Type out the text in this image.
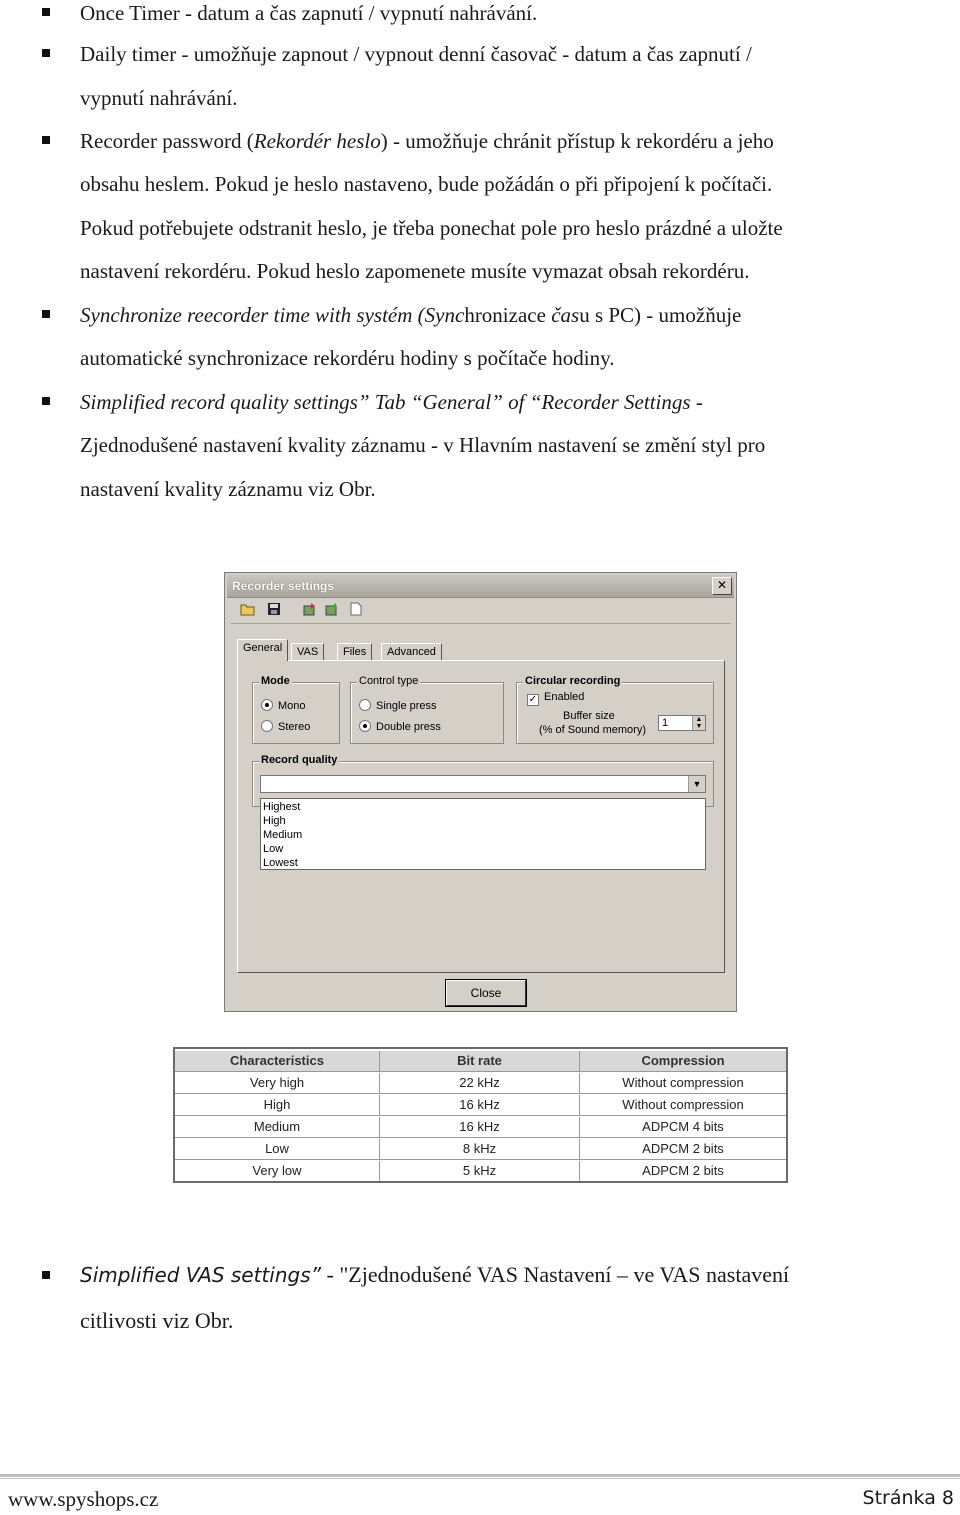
Once Timer - datum a čas zapnutí / vypnutí nahrávání.
Daily timer - umožňuje zapnout / vypnout denní časovač - datum a čas zapnutí /
vypnutí nahrávání.
Recorder password (Rekordér heslo) - umožňuje chránit přístup k rekordéru a jeho
obsahu heslem. Pokud je heslo nastaveno, bude požádán o při připojení k počítači.
Pokud potřebujete odstranit heslo, je třeba ponechat pole pro heslo prázdné a uložte
nastavení rekordéru. Pokud heslo zapomenete musíte vymazat obsah rekordéru.
Synchronize reecorder time with systém (Synchronizace času s PC) - umožňuje
automatické synchronizace rekordéru hodiny s počítače hodiny.
Simplified record quality settings” Tab “General” of “Recorder Settings -
Zjednodušené nastavení kvality záznamu - v Hlavním nastavení se změní styl pro
nastavení kvality záznamu viz Obr.
Recorder settings	✕
General	VAS	Files	Advanced
Mode
Mono
Stereo
Control type
Single press
Double press
Circular recording
✓ Enabled
Buffer size
(% of Sound memory)
1	▲
▼
Record quality
▼
Highest
High
Medium
Low
Lowest
Close
Characteristics	Bit rate	Compression
Very high	22 kHz	Without compression
High	16 kHz	Without compression
Medium	16 kHz	ADPCM 4 bits
Low	8 kHz	ADPCM 2 bits
Very low	5 kHz	ADPCM 2 bits
Simplified VAS settings” - "Zjednodušené VAS Nastavení – ve VAS nastavení
citlivosti viz Obr.
www.spyshops.cz	Stránka 8
